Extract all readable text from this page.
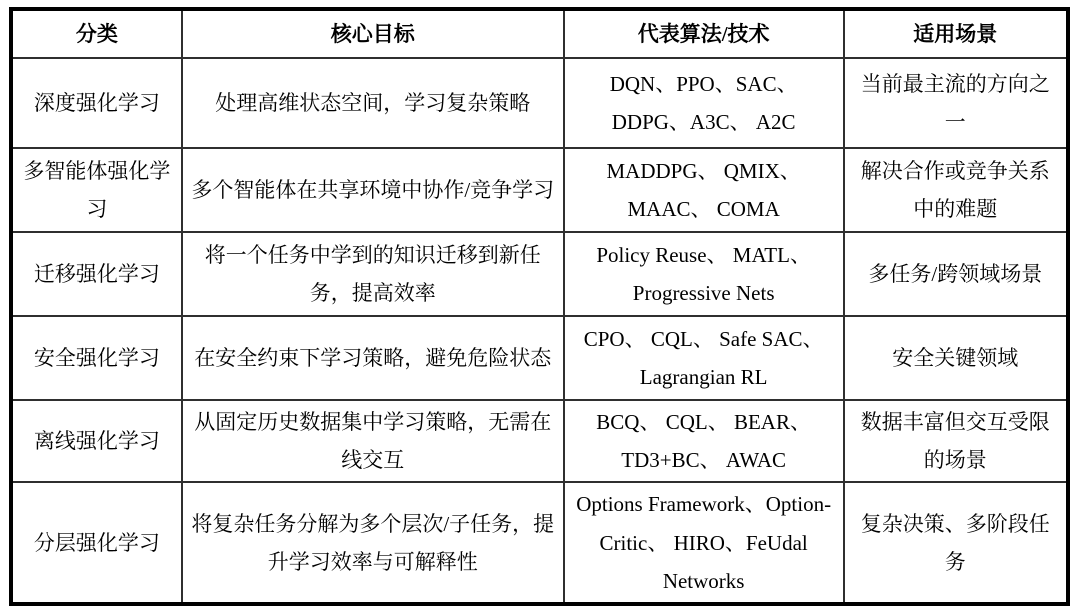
分类	核心目标	代表算法/技术	适用场景
深度强化学习	处理高维状态空间，学习复杂策略	DQN、PPO、SAC、DDPG、A3C、 A2C	当前最主流的方向之一
多智能体强化学习	多个智能体在共享环境中协作/竞争学习	MADDPG、 QMIX、MAAC、 COMA	解决合作或竞争关系中的难题
迁移强化学习	将一个任务中学到的知识迁移到新任务，提高效率	Policy Reuse、 MATL、Progressive Nets	多任务/跨领域场景
安全强化学习	在安全约束下学习策略，避免危险状态	CPO、 CQL、 Safe SAC、Lagrangian RL	安全关键领域
离线强化学习	从固定历史数据集中学习策略，无需在线交互	BCQ、 CQL、 BEAR、TD3+BC、 AWAC	数据丰富但交互受限的场景
分层强化学习	将复杂任务分解为多个层次/子任务，提升学习效率与可解释性	Options Framework、Option-Critic、 HIRO、FeUdal Networks	复杂决策、多阶段任务
